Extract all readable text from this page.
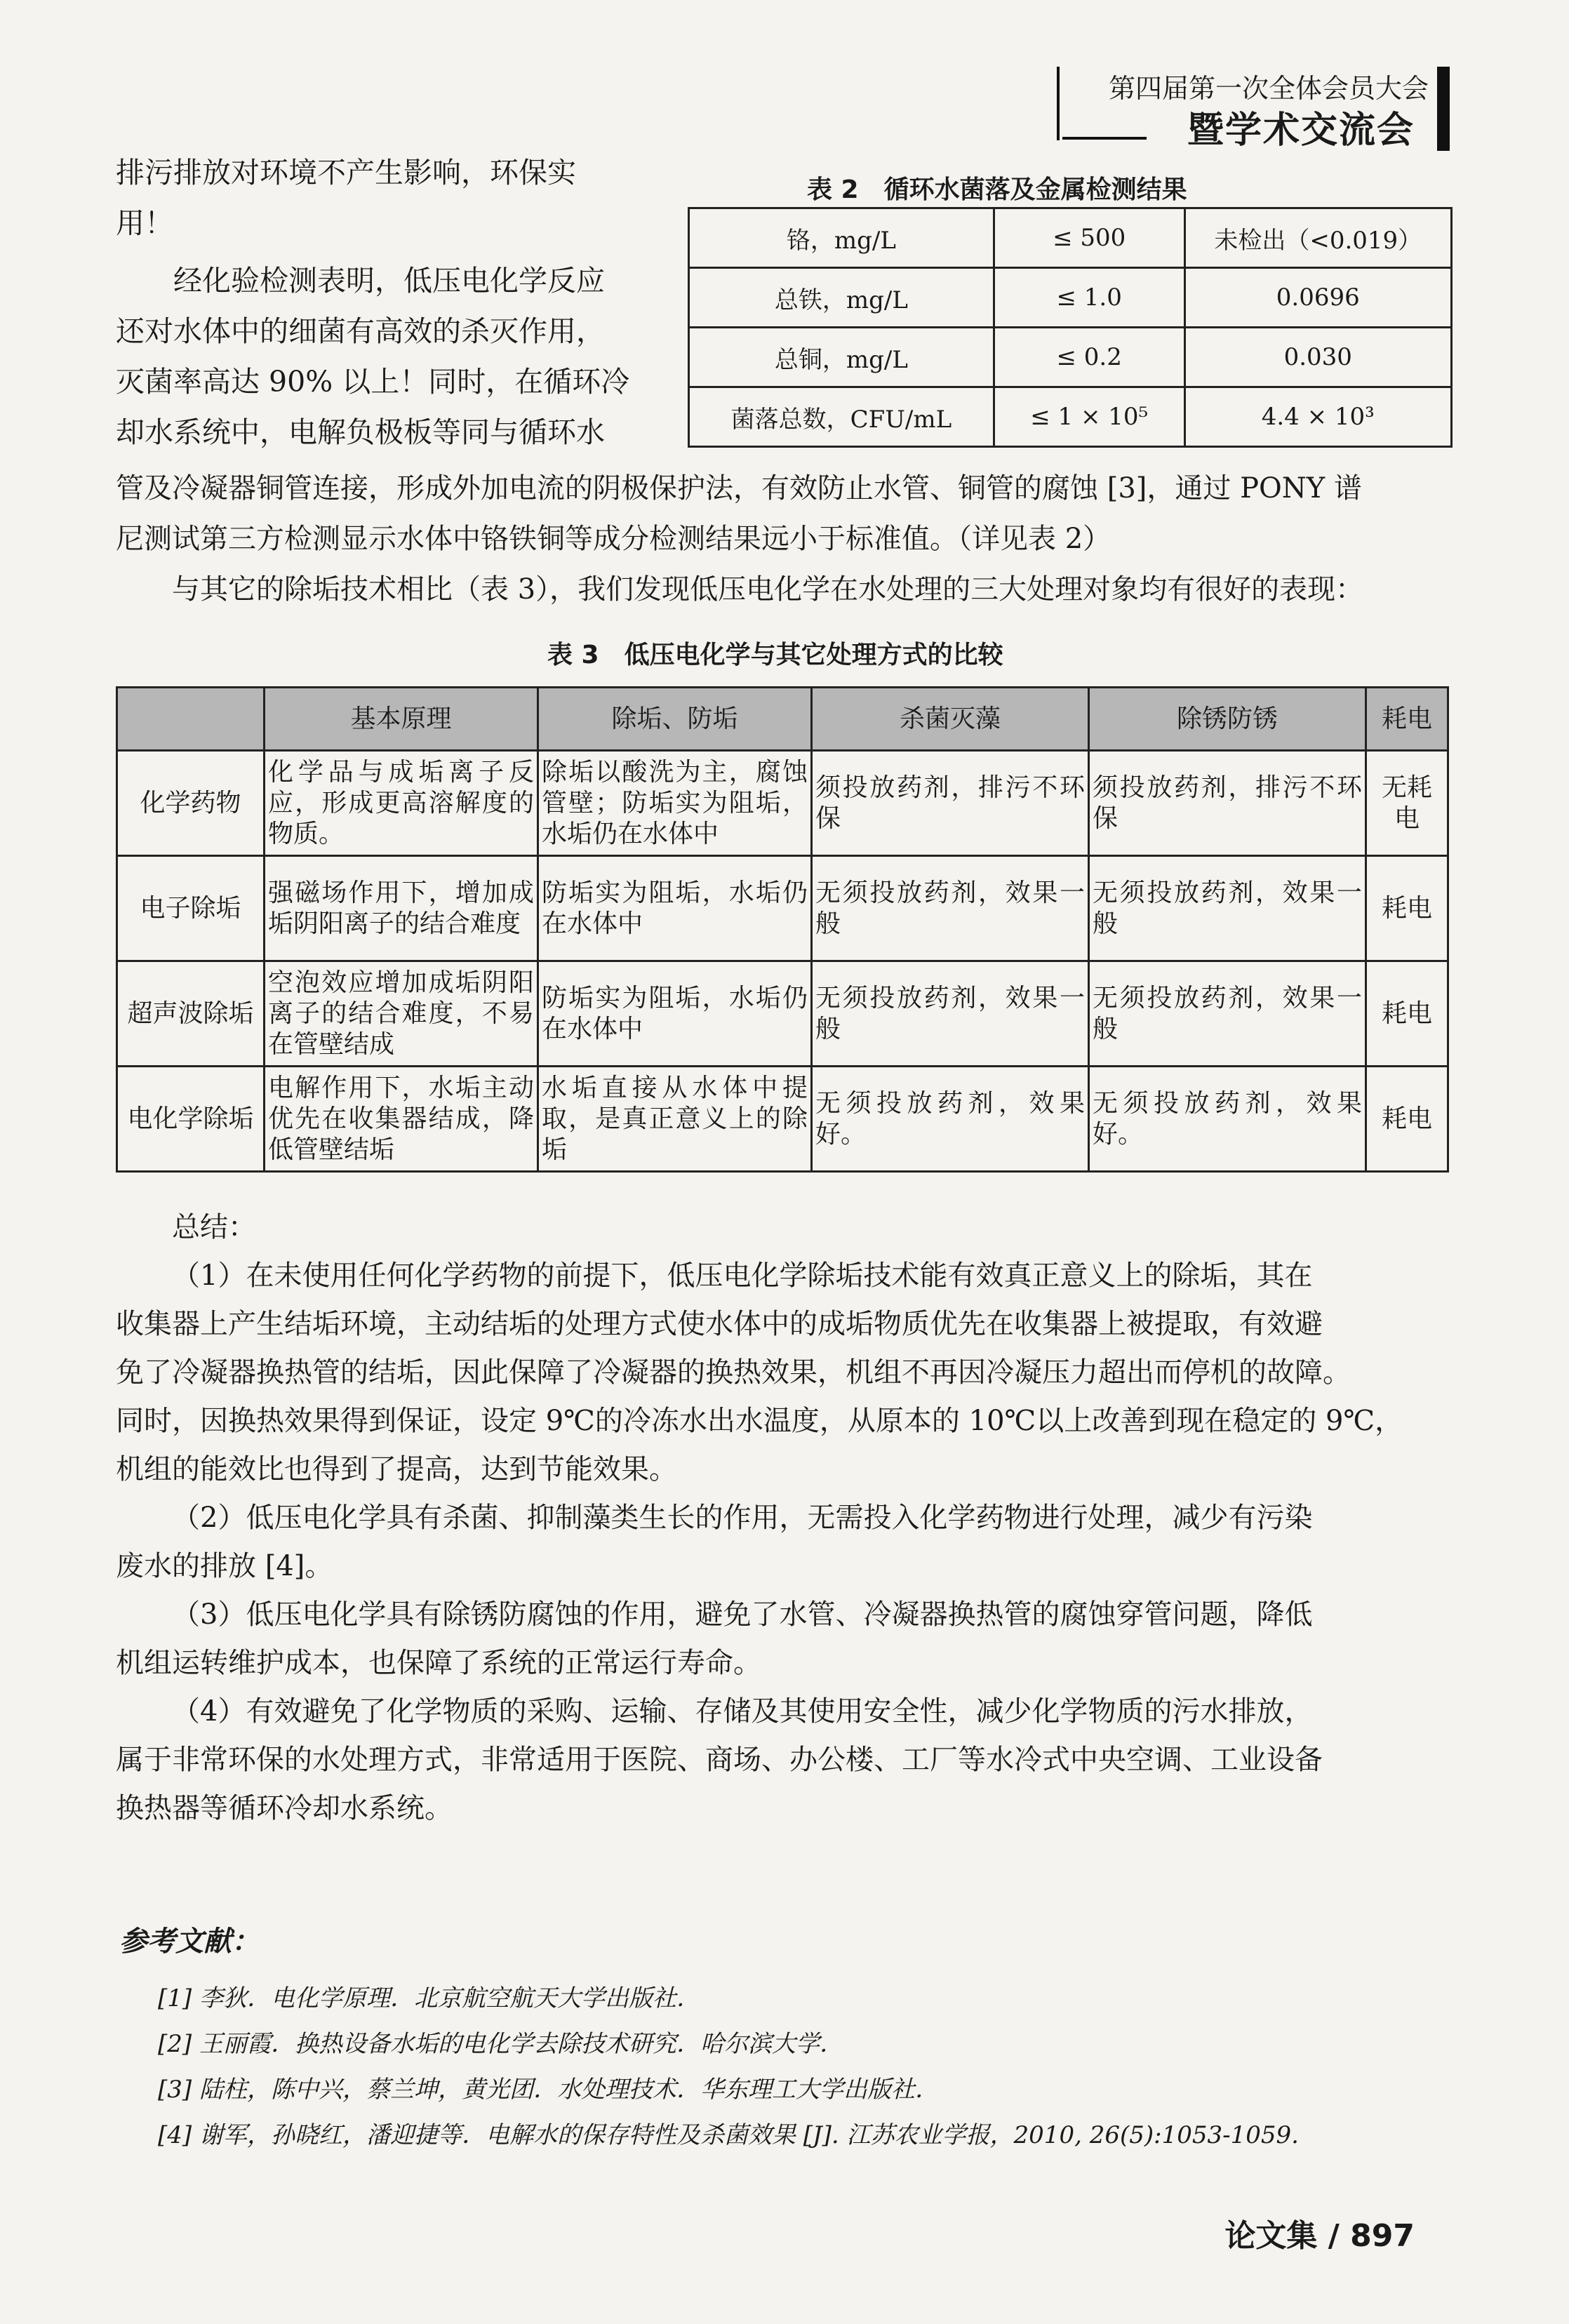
第四届第一次全体会员大会
暨学术交流会

排污排放对环境不产生影响，环保实

用！

经化验检测表明，低压电化学反应

还对水体中的细菌有高效的杀灭作用，

灭菌率高达 90% 以上！同时，在循环冷

却水系统中，电解负极板等同与循环水

表 2　循环水菌落及金属检测结果
铬，mg/L	≤ 500	未检出（<0.019）
总铁，mg/L	≤ 1.0	0.0696
总铜，mg/L	≤ 0.2	0.030
菌落总数，CFU/mL	≤ 1 × 10⁵	4.4 × 10³

管及冷凝器铜管连接，形成外加电流的阴极保护法，有效防止水管、铜管的腐蚀 [3]，通过 PONY 谱

尼测试第三方检测显示水体中铬铁铜等成分检测结果远小于标准值。（详见表 2）

与其它的除垢技术相比（表 3），我们发现低压电化学在水处理的三大处理对象均有很好的表现：

表 3　低压电化学与其它处理方式的比较
	基本原理	除垢、防垢	杀菌灭藻	除锈防锈	耗电
化学药物	化学品与成垢离子反应，形成更高溶解度的物质。	除垢以酸洗为主，腐蚀管壁；防垢实为阻垢，水垢仍在水体中	须投放药剂，排污不环保	须投放药剂，排污不环保	无耗电
电子除垢	强磁场作用下，增加成垢阴阳离子的结合难度	防垢实为阻垢，水垢仍在水体中	无须投放药剂，效果一般	无须投放药剂，效果一般	耗电
超声波除垢	空泡效应增加成垢阴阳离子的结合难度，不易在管壁结成	防垢实为阻垢，水垢仍在水体中	无须投放药剂，效果一般	无须投放药剂，效果一般	耗电
电化学除垢	电解作用下，水垢主动优先在收集器结成，降低管壁结垢	水垢直接从水体中提取，是真正意义上的除垢	无须投放药剂，效果好。	无须投放药剂，效果好。	耗电

总结：

（1）在未使用任何化学药物的前提下，低压电化学除垢技术能有效真正意义上的除垢，其在

收集器上产生结垢环境，主动结垢的处理方式使水体中的成垢物质优先在收集器上被提取，有效避

免了冷凝器换热管的结垢，因此保障了冷凝器的换热效果，机组不再因冷凝压力超出而停机的故障。

同时，因换热效果得到保证，设定 9℃的冷冻水出水温度，从原本的 10℃以上改善到现在稳定的 9℃，

机组的能效比也得到了提高，达到节能效果。

（2）低压电化学具有杀菌、抑制藻类生长的作用，无需投入化学药物进行处理，减少有污染

废水的排放 [4]。

（3）低压电化学具有除锈防腐蚀的作用，避免了水管、冷凝器换热管的腐蚀穿管问题，降低

机组运转维护成本，也保障了系统的正常运行寿命。

（4）有效避免了化学物质的采购、运输、存储及其使用安全性，减少化学物质的污水排放，

属于非常环保的水处理方式，非常适用于医院、商场、办公楼、工厂等水冷式中央空调、工业设备

换热器等循环冷却水系统。

参考文献：
[1] 李狄．电化学原理．北京航空航天大学出版社．
[2] 王丽霞．换热设备水垢的电化学去除技术研究．哈尔滨大学．
[3] 陆柱，陈中兴，蔡兰坤，黄光团．水处理技术．华东理工大学出版社．
[4] 谢军，孙晓红，潘迎捷等．电解水的保存特性及杀菌效果 [J]. 江苏农业学报，2010, 26(5):1053-1059.
论文集 / 897
